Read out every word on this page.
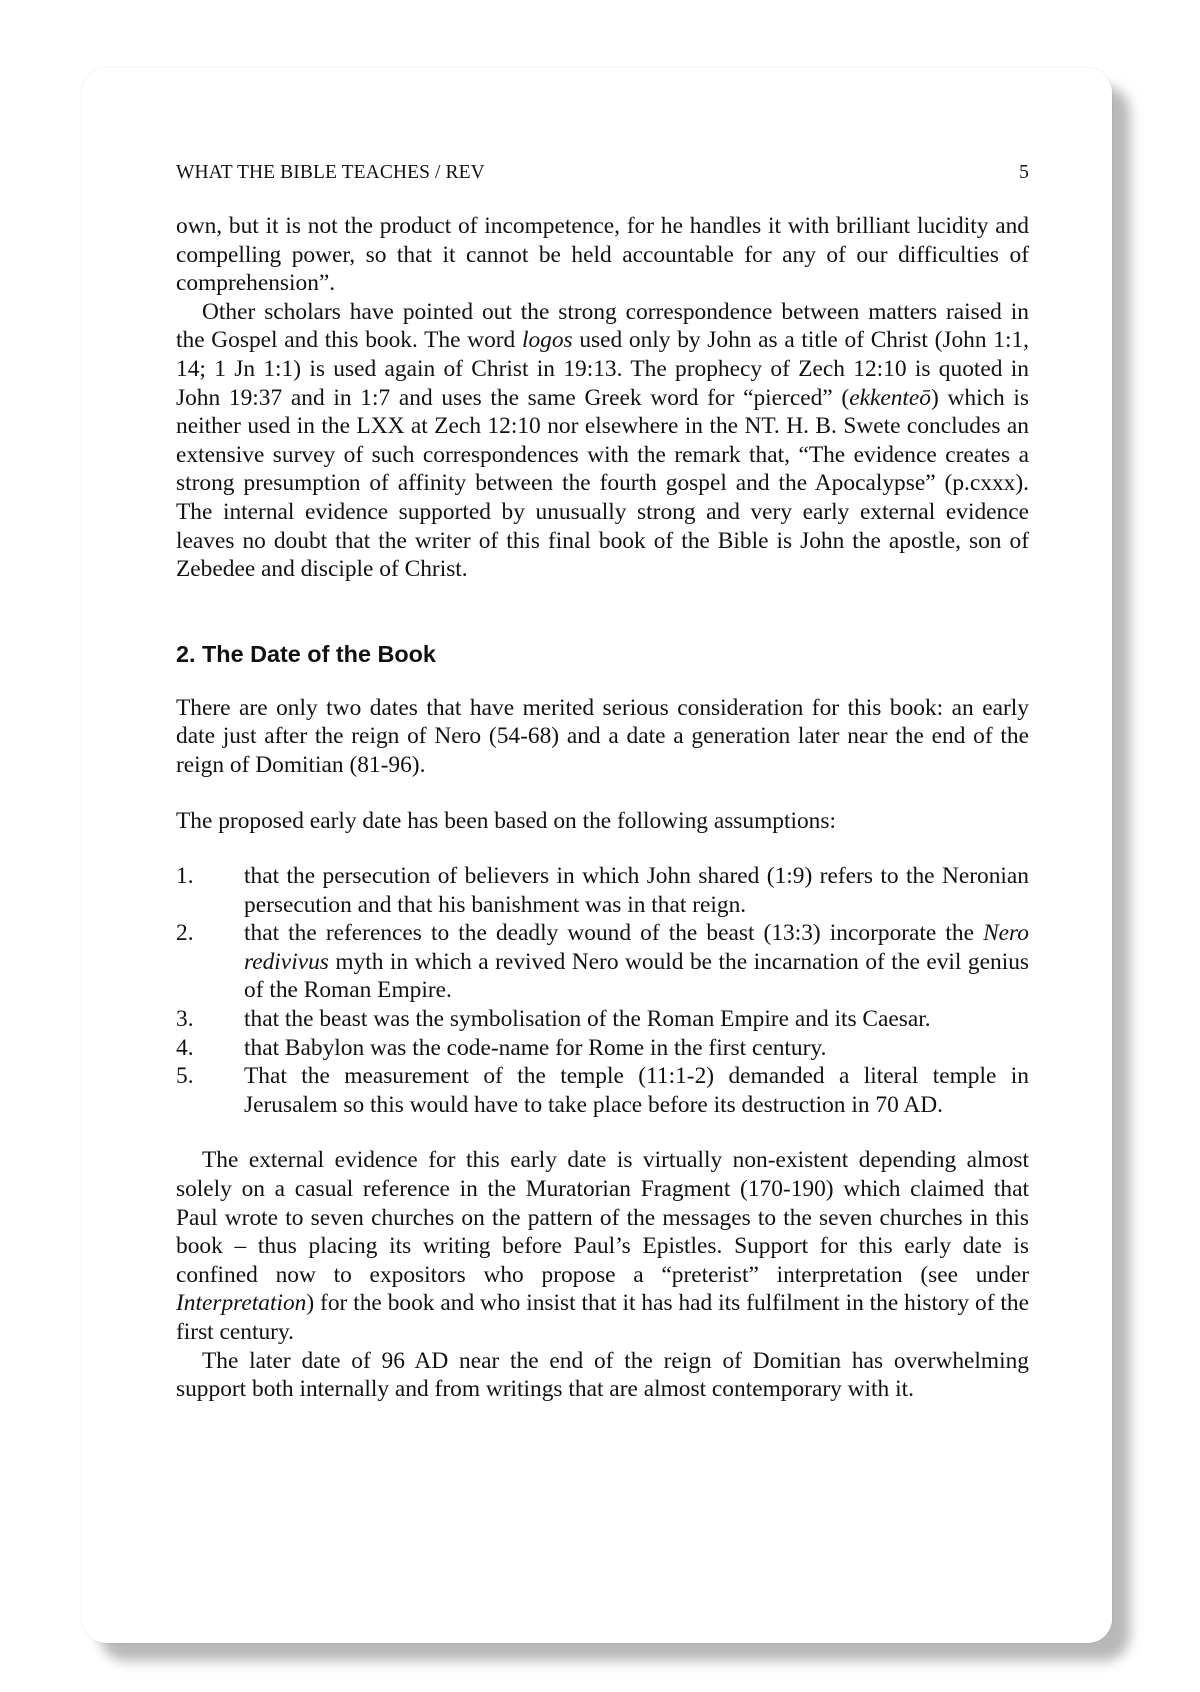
WHAT THE BIBLE TEACHES / REV	5

own, but it is not the product of incompetence, for he handles it with brilliant lucidity and compelling power, so that it cannot be held accountable for any of our difficulties of comprehension”.

Other scholars have pointed out the strong correspondence between matters raised in the Gospel and this book. The word logos used only by John as a title of Christ (John 1:1, 14; 1 Jn 1:1) is used again of Christ in 19:13. The prophecy of Zech 12:10 is quoted in John 19:37 and in 1:7 and uses the same Greek word for “pierced” (ekkenteō) which is neither used in the LXX at Zech 12:10 nor elsewhere in the NT. H. B. Swete concludes an extensive survey of such correspondences with the remark that, “The evidence creates a strong presumption of affinity between the fourth gospel and the Apocalypse” (p.cxxx). The internal evidence supported by unusually strong and very early external evidence leaves no doubt that the writer of this final book of the Bible is John the apostle, son of Zebedee and disciple of Christ.

2. The Date of the Book

There are only two dates that have merited serious consideration for this book: an early date just after the reign of Nero (54-68) and a date a generation later near the end of the reign of Domitian (81-96).

The proposed early date has been based on the following assumptions:

1.	that the persecution of believers in which John shared (1:9) refers to the Neronian persecution and that his banishment was in that reign.
2.	that the references to the deadly wound of the beast (13:3) incorporate the Nero redivivus myth in which a revived Nero would be the incarnation of the evil genius of the Roman Empire.
3.	that the beast was the symbolisation of the Roman Empire and its Caesar.
4.	that Babylon was the code-name for Rome in the first century.
5.	That the measurement of the temple (11:1-2) demanded a literal temple in Jerusalem so this would have to take place before its destruction in 70 AD.

The external evidence for this early date is virtually non-existent depending almost solely on a casual reference in the Muratorian Fragment (170-190) which claimed that Paul wrote to seven churches on the pattern of the messages to the seven churches in this book – thus placing its writing before Paul’s Epistles. Support for this early date is confined now to expositors who propose a “preterist” interpretation (see under Interpretation) for the book and who insist that it has had its fulfilment in the history of the first century.

The later date of 96 AD near the end of the reign of Domitian has overwhelming support both internally and from writings that are almost contemporary with it.
